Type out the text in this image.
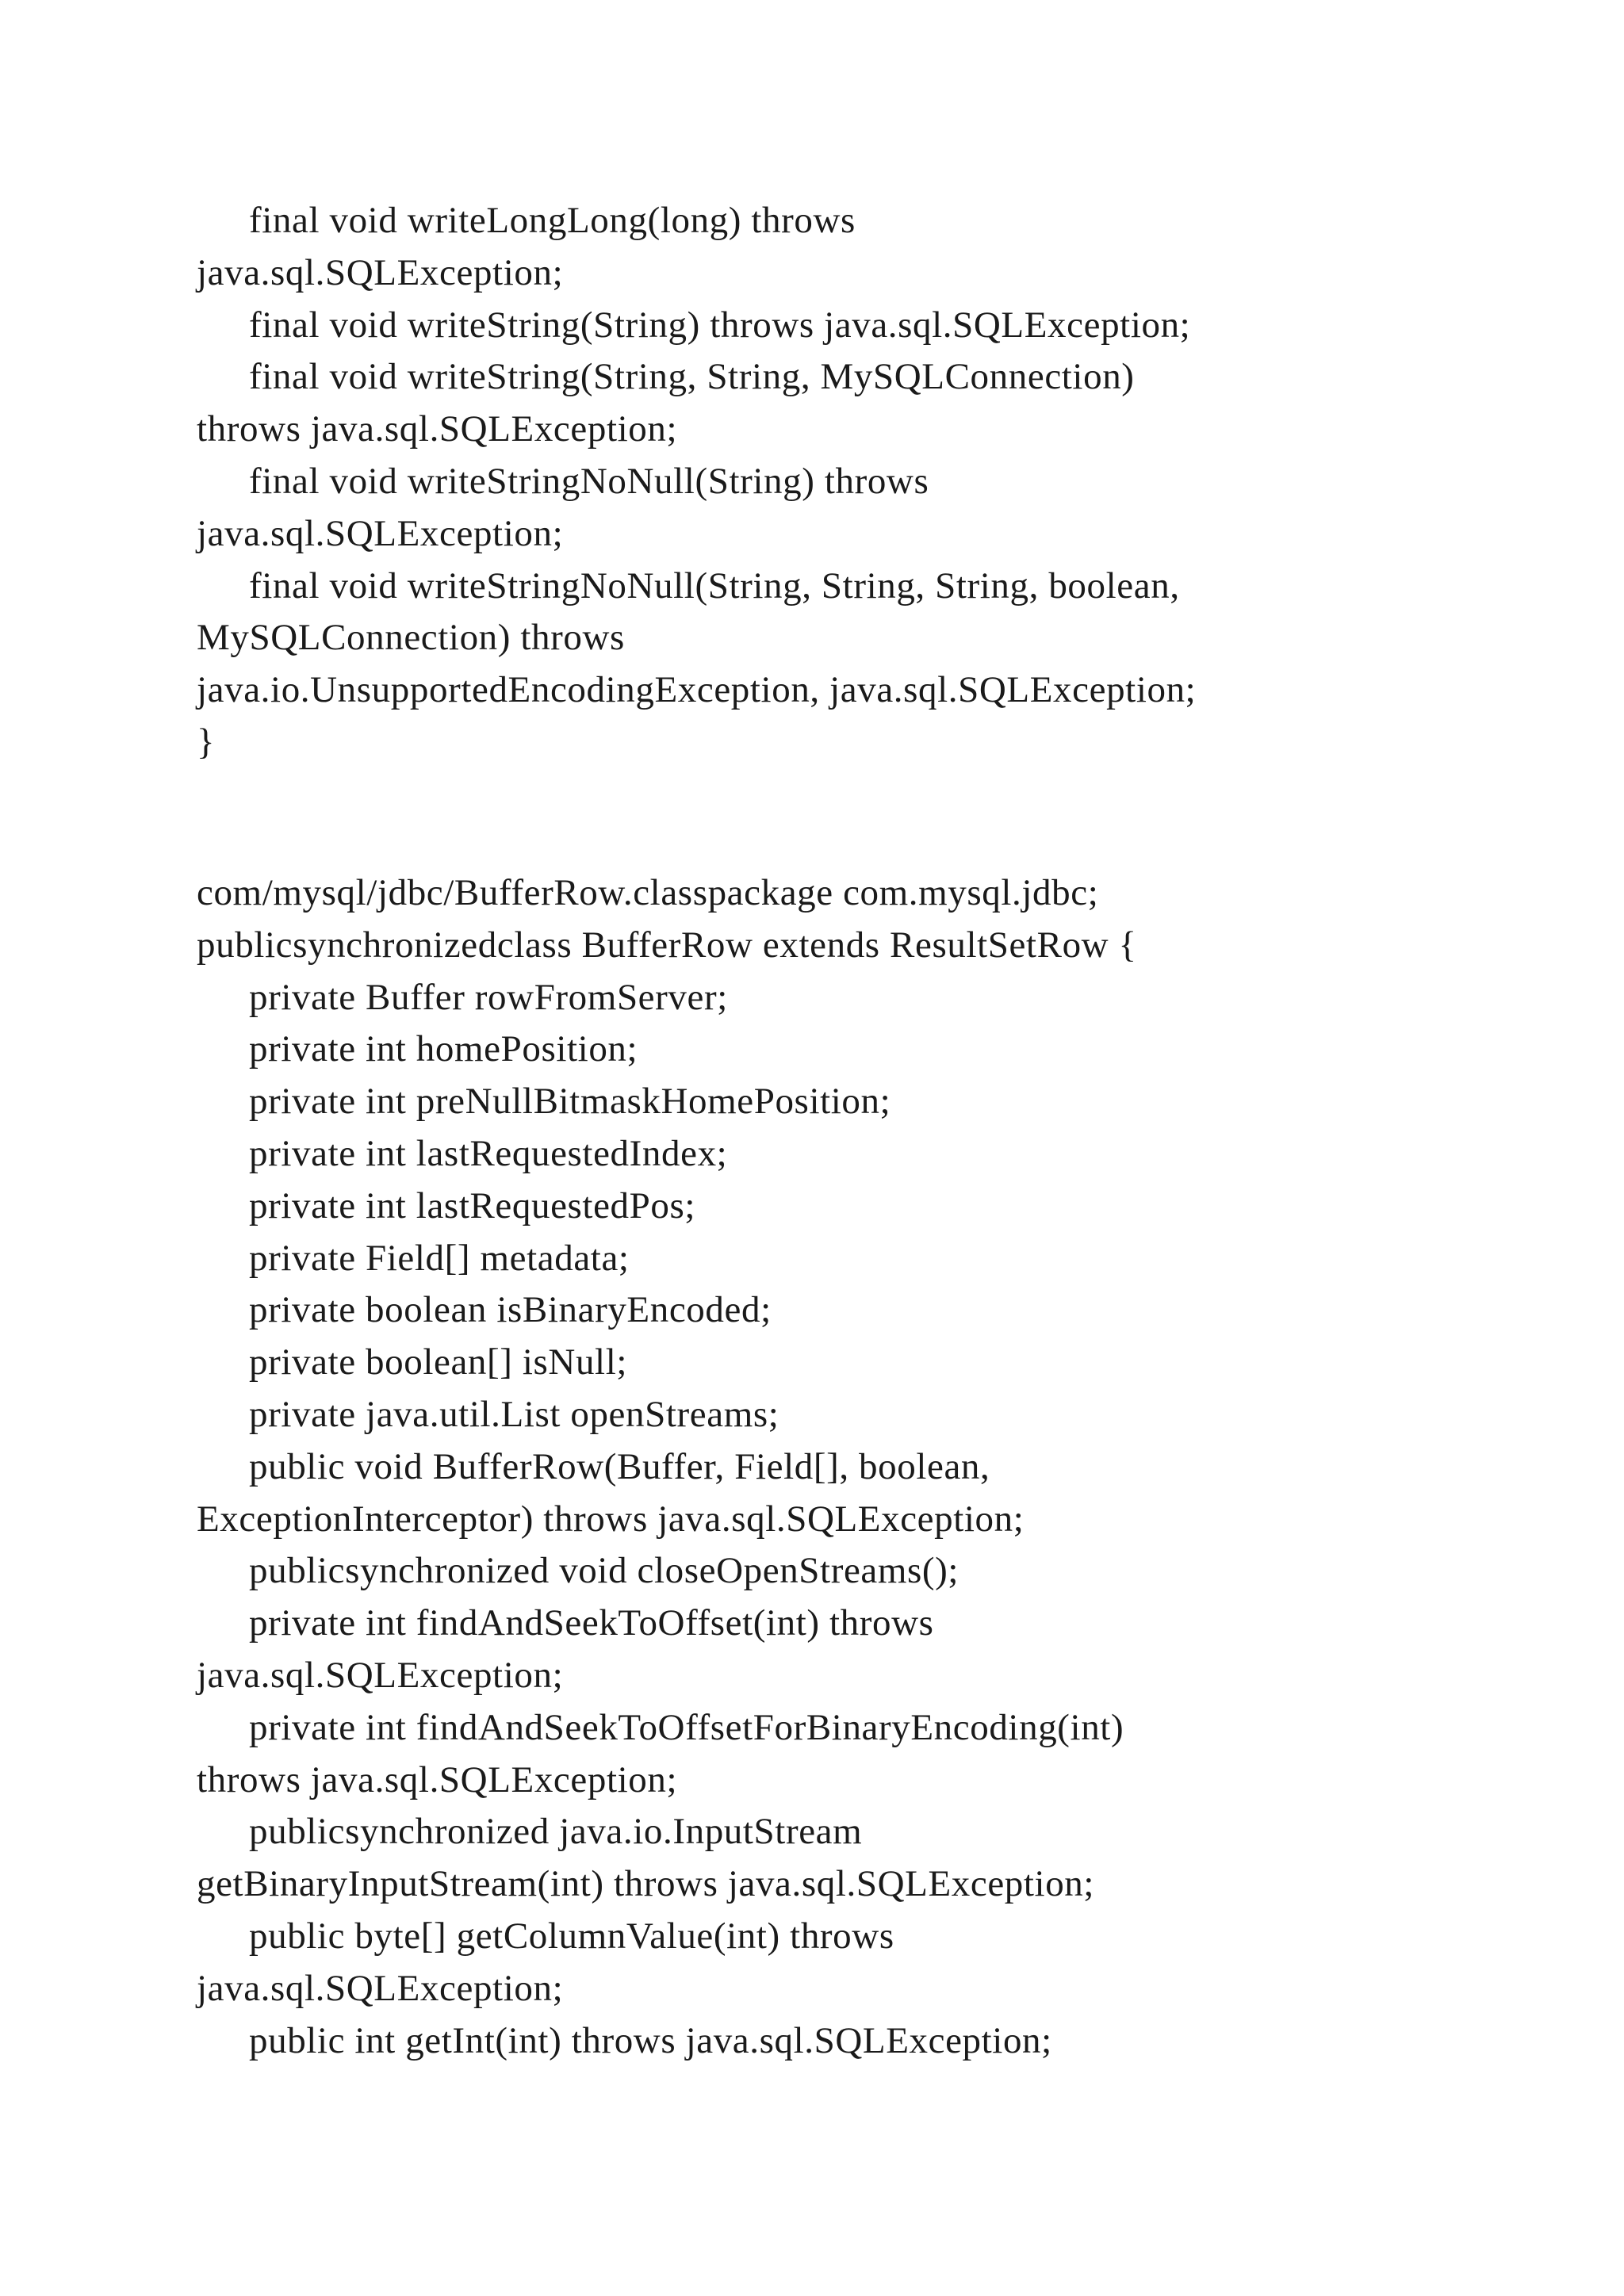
final void writeLongLong(long) throws
java.sql.SQLException;
final void writeString(String) throws java.sql.SQLException;
final void writeString(String, String, MySQLConnection)
throws java.sql.SQLException;
final void writeStringNoNull(String) throws
java.sql.SQLException;
final void writeStringNoNull(String, String, String, boolean,
MySQLConnection) throws
java.io.UnsupportedEncodingException, java.sql.SQLException;
}
com/mysql/jdbc/BufferRow.classpackage com.mysql.jdbc;
publicsynchronizedclass BufferRow extends ResultSetRow {
private Buffer rowFromServer;
private int homePosition;
private int preNullBitmaskHomePosition;
private int lastRequestedIndex;
private int lastRequestedPos;
private Field[] metadata;
private boolean isBinaryEncoded;
private boolean[] isNull;
private java.util.List openStreams;
public void BufferRow(Buffer, Field[], boolean,
ExceptionInterceptor) throws java.sql.SQLException;
publicsynchronized void closeOpenStreams();
private int findAndSeekToOffset(int) throws
java.sql.SQLException;
private int findAndSeekToOffsetForBinaryEncoding(int)
throws java.sql.SQLException;
publicsynchronized java.io.InputStream
getBinaryInputStream(int) throws java.sql.SQLException;
public byte[] getColumnValue(int) throws
java.sql.SQLException;
public int getInt(int) throws java.sql.SQLException;
